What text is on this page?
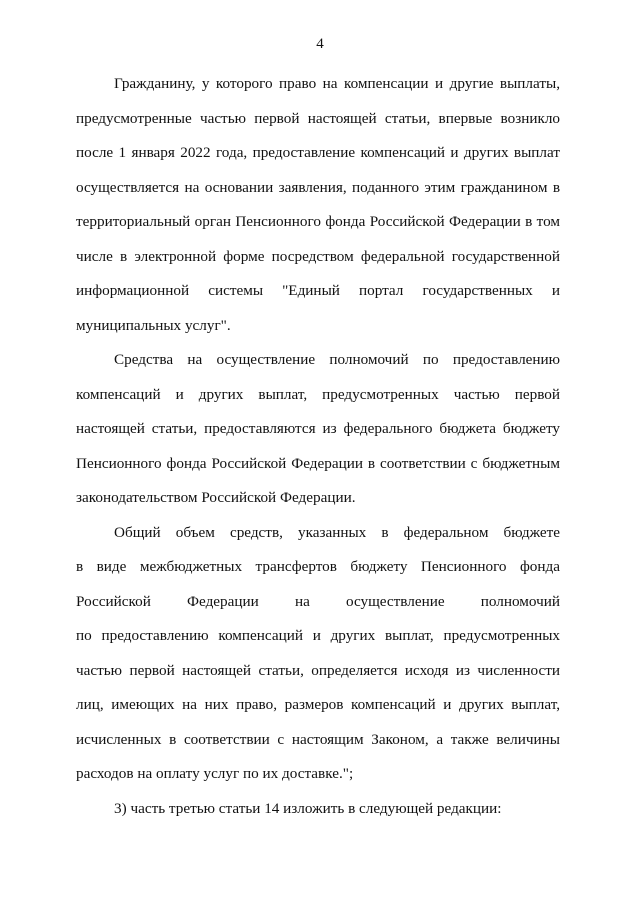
4
Гражданину, у которого право на компенсации и другие выплаты,
предусмотренные частью первой настоящей статьи, впервые возникло
после 1 января 2022 года, предоставление компенсаций и других выплат
осуществляется на основании заявления, поданного этим гражданином в
территориальный орган Пенсионного фонда Российской Федерации в том
числе в электронной форме посредством федеральной государственной
информационной системы "Единый портал государственных и
муниципальных услуг".
Средства на осуществление полномочий по предоставлению
компенсаций и других выплат, предусмотренных частью первой
настоящей статьи, предоставляются из федерального бюджета бюджету
Пенсионного фонда Российской Федерации в соответствии с бюджетным
законодательством Российской Федерации.
Общий объем средств, указанных в федеральном бюджете
в виде межбюджетных трансфертов бюджету Пенсионного фонда
Российской Федерации на осуществление полномочий
по предоставлению компенсаций и других выплат, предусмотренных
частью первой настоящей статьи, определяется исходя из численности
лиц, имеющих на них право, размеров компенсаций и других выплат,
исчисленных в соответствии с настоящим Законом, а также величины
расходов на оплату услуг по их доставке.";
3) часть третью статьи 14 изложить в следующей редакции:
